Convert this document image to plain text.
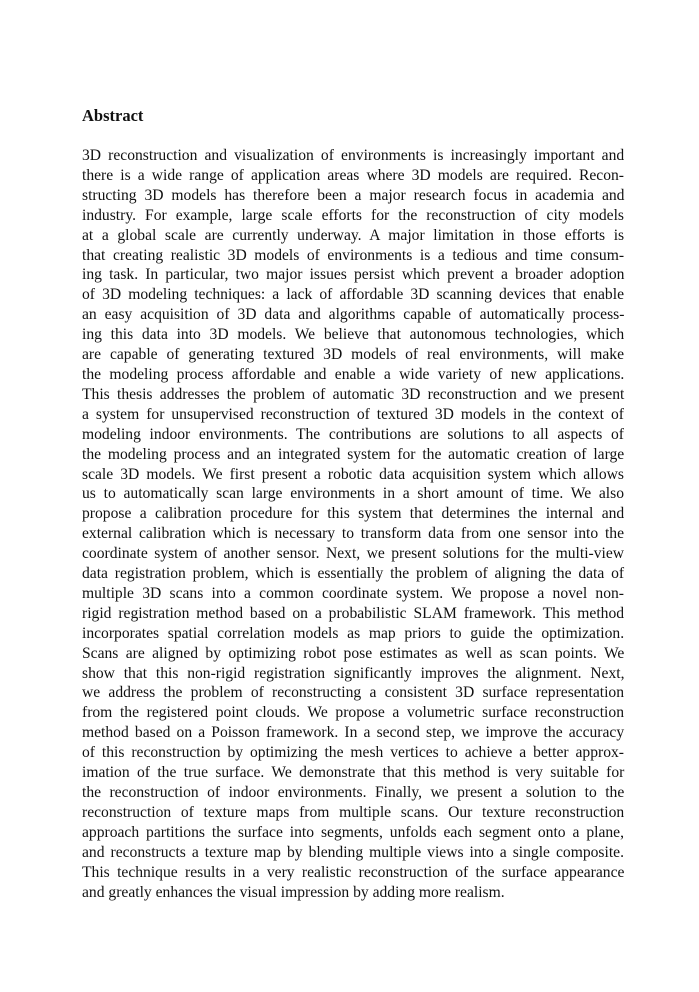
Abstract
3D reconstruction and visualization of environments is increasingly important and
there is a wide range of application areas where 3D models are required. Recon-
structing 3D models has therefore been a major research focus in academia and
industry. For example, large scale efforts for the reconstruction of city models
at a global scale are currently underway. A major limitation in those efforts is
that creating realistic 3D models of environments is a tedious and time consum-
ing task. In particular, two major issues persist which prevent a broader adoption
of 3D modeling techniques: a lack of affordable 3D scanning devices that enable
an easy acquisition of 3D data and algorithms capable of automatically process-
ing this data into 3D models. We believe that autonomous technologies, which
are capable of generating textured 3D models of real environments, will make
the modeling process affordable and enable a wide variety of new applications.
This thesis addresses the problem of automatic 3D reconstruction and we present
a system for unsupervised reconstruction of textured 3D models in the context of
modeling indoor environments. The contributions are solutions to all aspects of
the modeling process and an integrated system for the automatic creation of large
scale 3D models. We first present a robotic data acquisition system which allows
us to automatically scan large environments in a short amount of time. We also
propose a calibration procedure for this system that determines the internal and
external calibration which is necessary to transform data from one sensor into the
coordinate system of another sensor. Next, we present solutions for the multi-view
data registration problem, which is essentially the problem of aligning the data of
multiple 3D scans into a common coordinate system. We propose a novel non-
rigid registration method based on a probabilistic SLAM framework. This method
incorporates spatial correlation models as map priors to guide the optimization.
Scans are aligned by optimizing robot pose estimates as well as scan points. We
show that this non-rigid registration significantly improves the alignment. Next,
we address the problem of reconstructing a consistent 3D surface representation
from the registered point clouds. We propose a volumetric surface reconstruction
method based on a Poisson framework. In a second step, we improve the accuracy
of this reconstruction by optimizing the mesh vertices to achieve a better approx-
imation of the true surface. We demonstrate that this method is very suitable for
the reconstruction of indoor environments. Finally, we present a solution to the
reconstruction of texture maps from multiple scans. Our texture reconstruction
approach partitions the surface into segments, unfolds each segment onto a plane,
and reconstructs a texture map by blending multiple views into a single composite.
This technique results in a very realistic reconstruction of the surface appearance
and greatly enhances the visual impression by adding more realism.
